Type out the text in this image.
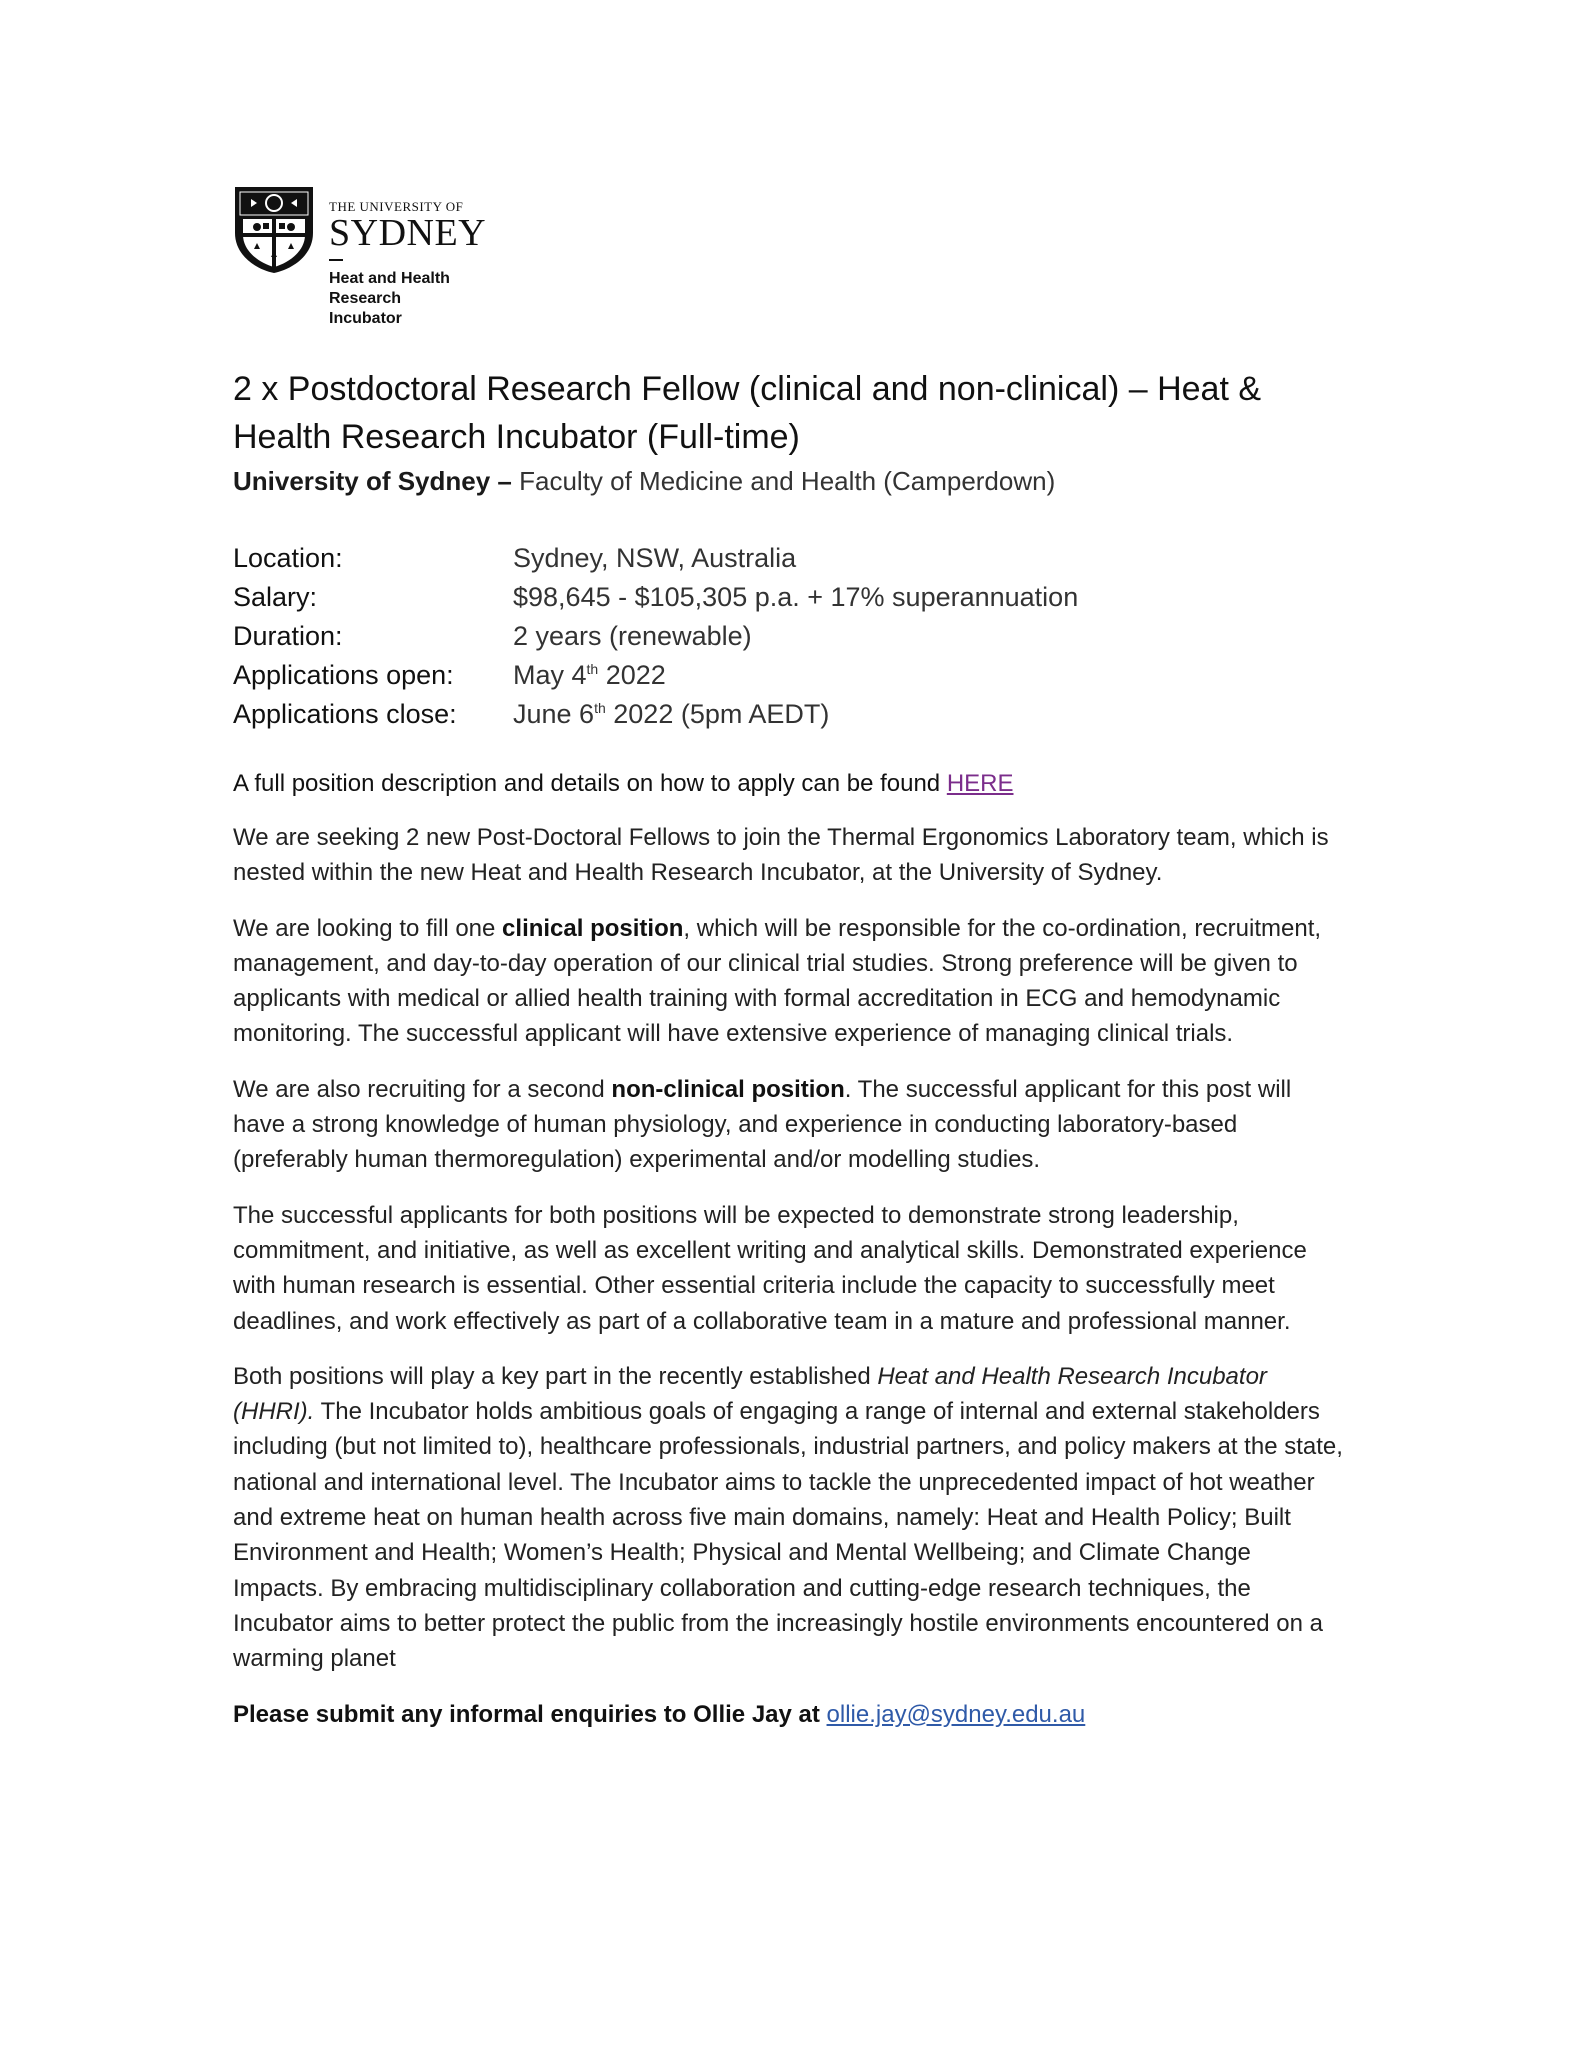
THE UNIVERSITY OF
SYDNEY
Heat and Health
Research
Incubator
2 x Postdoctoral Research Fellow (clinical and non-clinical) – Heat & Health Research Incubator (Full-time)
University of Sydney – Faculty of Medicine and Health (Camperdown)
Location:	Sydney, NSW, Australia
Salary:	$98,645 - $105,305 p.a. + 17% superannuation
Duration:	2 years (renewable)
Applications open:	May 4th 2022
Applications close:	June 6th 2022 (5pm AEDT)
A full position description and details on how to apply can be found HERE

We are seeking 2 new Post-Doctoral Fellows to join the Thermal Ergonomics Laboratory team, which is nested within the new Heat and Health Research Incubator, at the University of Sydney.

We are looking to fill one clinical position, which will be responsible for the co-ordination, recruitment, management, and day-to-day operation of our clinical trial studies. Strong preference will be given to applicants with medical or allied health training with formal accreditation in ECG and hemodynamic monitoring. The successful applicant will have extensive experience of managing clinical trials.

We are also recruiting for a second non-clinical position. The successful applicant for this post will have a strong knowledge of human physiology, and experience in conducting laboratory-based (preferably human thermoregulation) experimental and/or modelling studies.

The successful applicants for both positions will be expected to demonstrate strong leadership, commitment, and initiative, as well as excellent writing and analytical skills. Demonstrated experience with human research is essential. Other essential criteria include the capacity to successfully meet deadlines, and work effectively as part of a collaborative team in a mature and professional manner.

Both positions will play a key part in the recently established Heat and Health Research Incubator (HHRI). The Incubator holds ambitious goals of engaging a range of internal and external stakeholders including (but not limited to), healthcare professionals, industrial partners, and policy makers at the state, national and international level. The Incubator aims to tackle the unprecedented impact of hot weather and extreme heat on human health across five main domains, namely: Heat and Health Policy; Built Environment and Health; Women’s Health; Physical and Mental Wellbeing; and Climate Change Impacts. By embracing multidisciplinary collaboration and cutting-edge research techniques, the Incubator aims to better protect the public from the increasingly hostile environments encountered on a warming planet

Please submit any informal enquiries to Ollie Jay at ollie.jay@sydney.edu.au
